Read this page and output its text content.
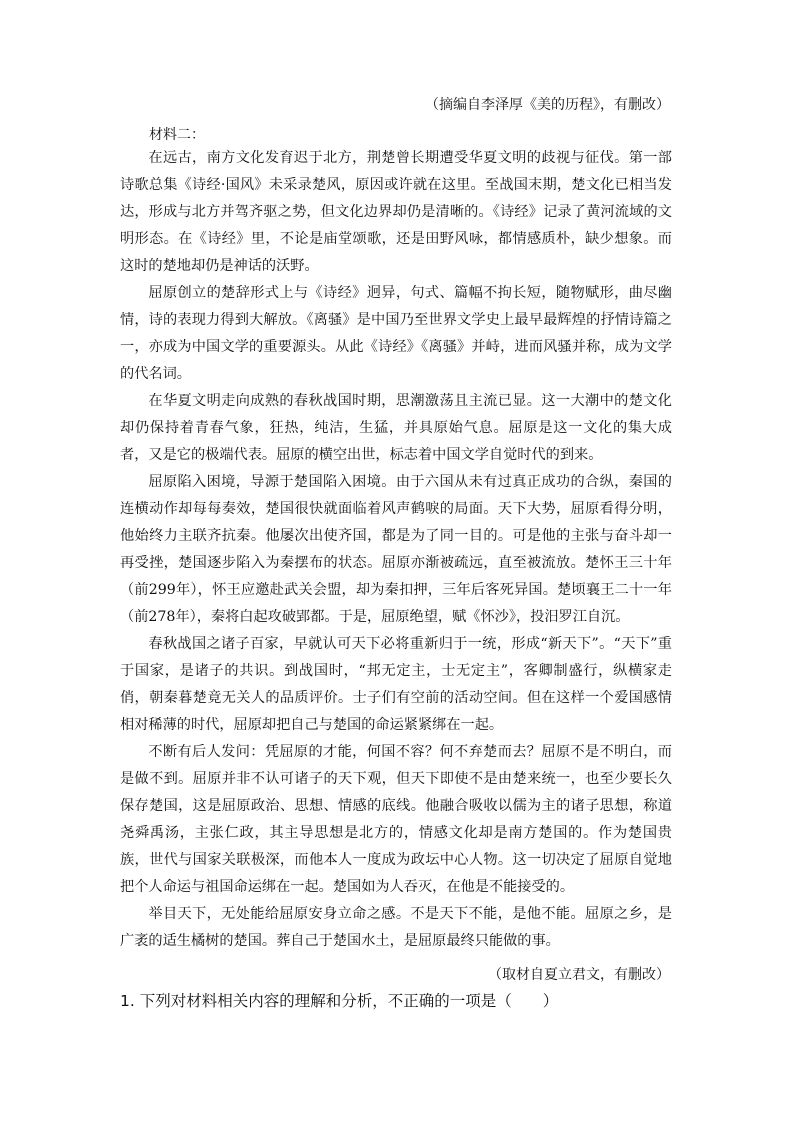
（摘编自李泽厚《美的历程》，有删改）
材料二：

在远古，南方文化发育迟于北方，荆楚曾长期遭受华夏文明的歧视与征伐。第一部诗歌总集《诗经·国风》未采录楚风，原因或许就在这里。至战国末期，楚文化已相当发达，形成与北方并驾齐驱之势，但文化边界却仍是清晰的。《诗经》记录了黄河流域的文明形态。在《诗经》里，不论是庙堂颂歌，还是田野风咏，都情感质朴，缺少想象。而这时的楚地却仍是神话的沃野。

屈原创立的楚辞形式上与《诗经》迥异，句式、篇幅不拘长短，随物赋形，曲尽幽情，诗的表现力得到大解放。《离骚》是中国乃至世界文学史上最早最辉煌的抒情诗篇之一，亦成为中国文学的重要源头。从此《诗经》《离骚》并峙，进而风骚并称，成为文学的代名词。

在华夏文明走向成熟的春秋战国时期，思潮激荡且主流已显。这一大潮中的楚文化却仍保持着青春气象，狂热，纯洁，生猛，并具原始气息。屈原是这一文化的集大成者，又是它的极端代表。屈原的横空出世，标志着中国文学自觉时代的到来。

屈原陷入困境，导源于楚国陷入困境。由于六国从未有过真正成功的合纵，秦国的连横动作却每每奏效，楚国很快就面临着风声鹤唳的局面。天下大势，屈原看得分明，他始终力主联齐抗秦。他屡次出使齐国，都是为了同一目的。可是他的主张与奋斗却一再受挫，楚国逐步陷入为秦摆布的状态。屈原亦渐被疏远，直至被流放。楚怀王三十年（前299年），怀王应邀赴武关会盟，却为秦扣押，三年后客死异国。楚顷襄王二十一年（前278年），秦将白起攻破郢都。于是，屈原绝望，赋《怀沙》，投汨罗江自沉。

春秋战国之诸子百家，早就认可天下必将重新归于一统，形成“新天下”。“天下”重于国家，是诸子的共识。到战国时，“邦无定主，士无定主”，客卿制盛行，纵横家走俏，朝秦暮楚竟无关人的品质评价。士子们有空前的活动空间。但在这样一个爱国感情相对稀薄的时代，屈原却把自己与楚国的命运紧紧绑在一起。

不断有后人发问：凭屈原的才能，何国不容？何不弃楚而去？屈原不是不明白，而是做不到。屈原并非不认可诸子的天下观，但天下即使不是由楚来统一，也至少要长久保存楚国，这是屈原政治、思想、情感的底线。他融合吸收以儒为主的诸子思想，称道尧舜禹汤，主张仁政，其主导思想是北方的，情感文化却是南方楚国的。作为楚国贵族，世代与国家关联极深，而他本人一度成为政坛中心人物。这一切决定了屈原自觉地把个人命运与祖国命运绑在一起。楚国如为人吞灭，在他是不能接受的。

举目天下，无处能给屈原安身立命之感。不是天下不能，是他不能。屈原之乡，是广袤的适生橘树的楚国。葬自己于楚国水土，是屈原最终只能做的事。

（取材自夏立君文，有删改）
1. 下列对材料相关内容的理解和分析，不正确的一项是（　　）
